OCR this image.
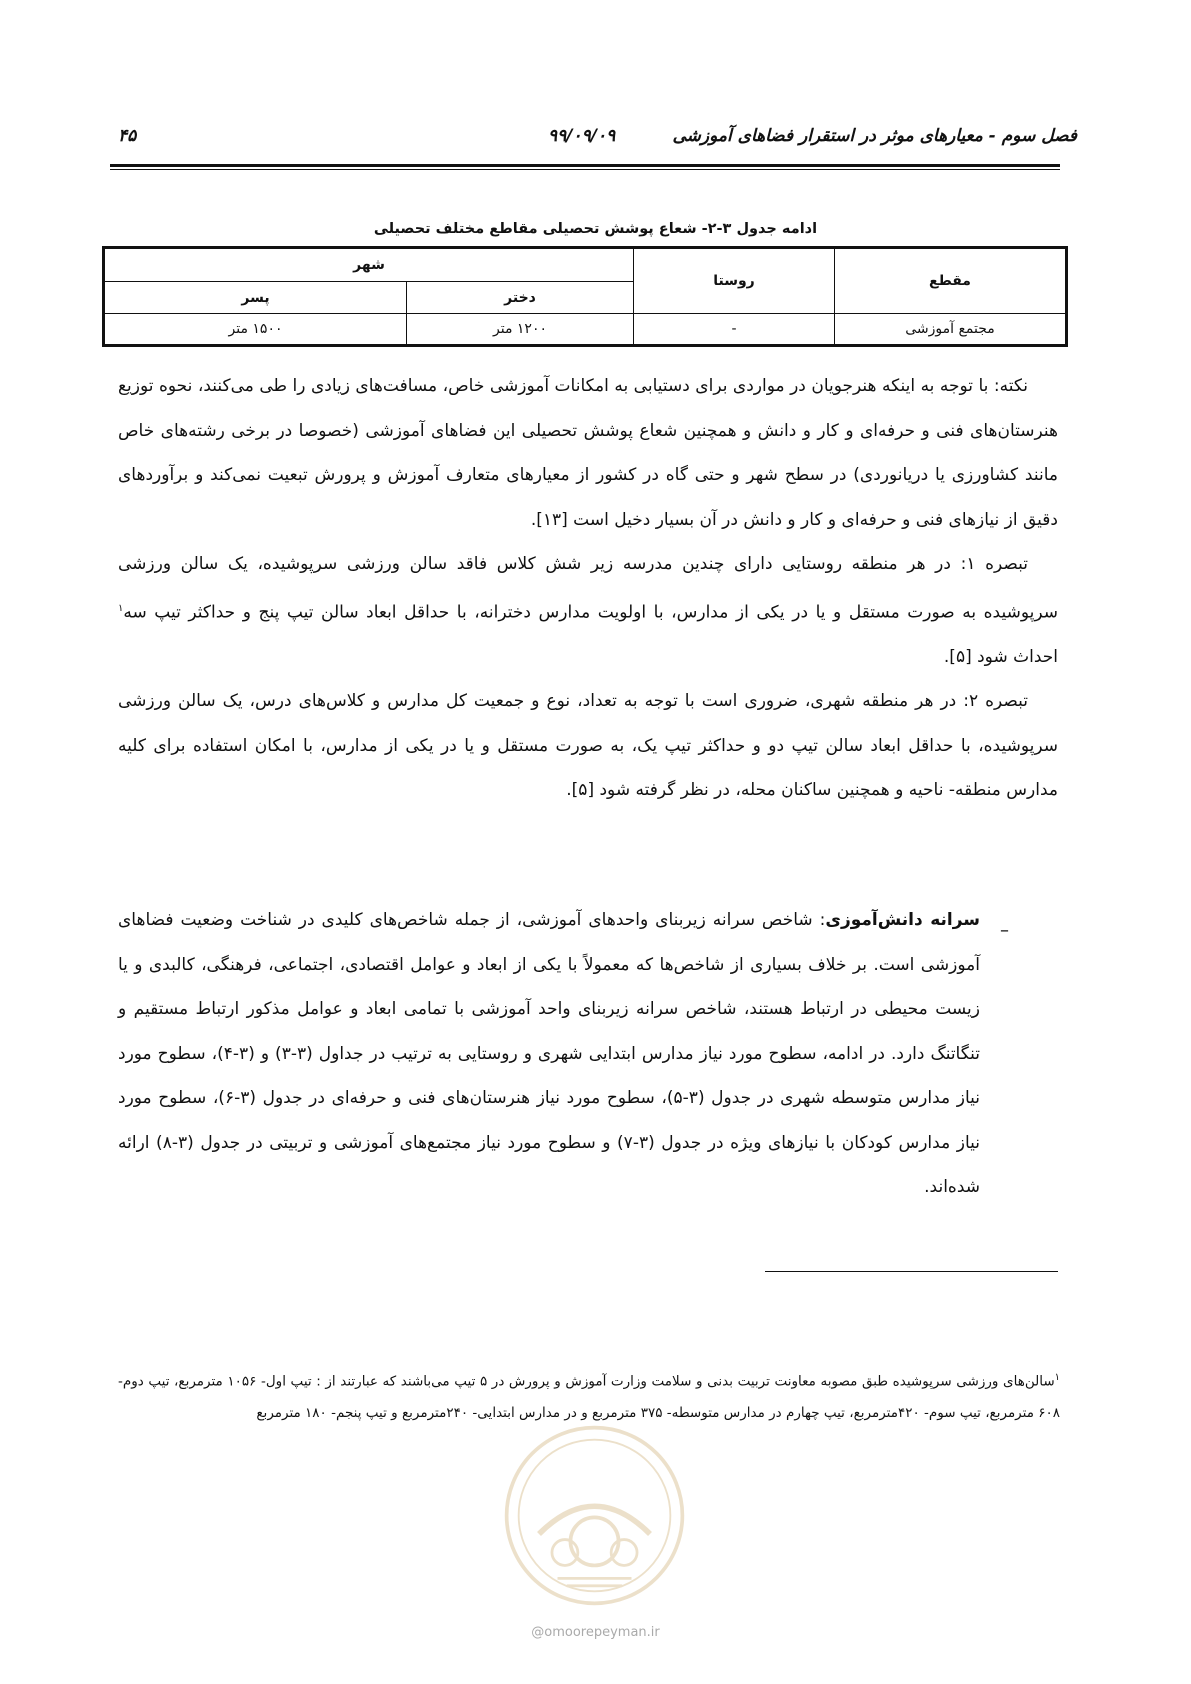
فصل سوم - معیارهای موثر در استقرار فضاهای آموزشی
۹۹/۰۹/۰۹
۴۵
ادامه جدول ۳-۲- شعاع پوشش تحصیلی مقاطع مختلف تحصیلی
مقطع	روستا	شهر	
		دختر	پسر
مجتمع آموزشی	-	۱۲۰۰ متر	۱۵۰۰ متر

نکته: با توجه به اینکه هنرجویان در مواردی برای دستیابی به امکانات آموزشی خاص، مسافت‌های زیادی را طی می‌کنند، نحوه توزیع هنرستان‌های فنی و حرفه‌ای و کار و دانش و همچنین شعاع پوشش تحصیلی این فضاهای آموزشی (خصوصا در برخی رشته‌های خاص مانند کشاورزی یا دریانوردی) در سطح شهر و حتی گاه در کشور از معیارهای متعارف آموزش و پرورش تبعیت نمی‌کند و برآوردهای دقیق از نیازهای فنی و حرفه‌ای و کار و دانش در آن بسیار دخیل است [۱۳].

تبصره ۱: در هر منطقه روستایی دارای چندین مدرسه زیر شش کلاس فاقد سالن ورزشی سرپوشیده، یک سالن ورزشی سرپوشیده به صورت مستقل و یا در یکی از مدارس، با اولویت مدارس دخترانه، با حداقل ابعاد سالن تیپ پنج و حداکثر تیپ سه$^۱$ احداث شود [۵].

تبصره ۲: در هر منطقه شهری، ضروری است با توجه به تعداد، نوع و جمعیت کل مدارس و کلاس‌های درس، یک سالن ورزشی سرپوشیده، با حداقل ابعاد سالن تیپ دو و حداکثر تیپ یک، به صورت مستقل و یا در یکی از مدارس، با امکان استفاده برای کلیه مدارس منطقه- ناحیه و همچنین ساکنان محله، در نظر گرفته شود [۵].

–
سرانه دانش‌آموزی: شاخص سرانه زیربنای واحدهای آموزشی، از جمله شاخص‌های کلیدی در شناخت وضعیت فضاهای آموزشی است. بر خلاف بسیاری از شاخص‌ها که معمولاً با یکی از ابعاد و عوامل اقتصادی، اجتماعی، فرهنگی، کالبدی و یا زیست محیطی در ارتباط هستند، شاخص سرانه زیربنای واحد آموزشی با تمامی ابعاد و عوامل مذکور ارتباط مستقیم و تنگاتنگ دارد. در ادامه، سطوح مورد نیاز مدارس ابتدایی شهری و روستایی به ترتیب در جداول (۳-۳) و (۳-۴)، سطوح مورد نیاز مدارس متوسطه شهری در جدول (۳-۵)، سطوح مورد نیاز هنرستان‌های فنی و حرفه‌ای در جدول (۳-۶)، سطوح مورد نیاز مدارس کودکان با نیازهای ویژه در جدول (۳-۷) و سطوح مورد نیاز مجتمع‌های آموزشی و تربیتی در جدول (۳-۸) ارائه شده‌اند.
$^۱$سالن‌های ورزشی سرپوشیده طبق مصوبه معاونت تربیت بدنی و سلامت وزارت آموزش و پرورش در ۵ تیپ می‌باشند که عبارتند از : تیپ اول- ۱۰۵۶ مترمربع، تیپ دوم- ۶۰۸ مترمربع، تیپ سوم- ۴۲۰مترمربع، تیپ چهارم در مدارس متوسطه- ۳۷۵ مترمربع و در مدارس ابتدایی- ۲۴۰مترمربع و تیپ پنجم- ۱۸۰ مترمربع
@omoorepeyman.ir
